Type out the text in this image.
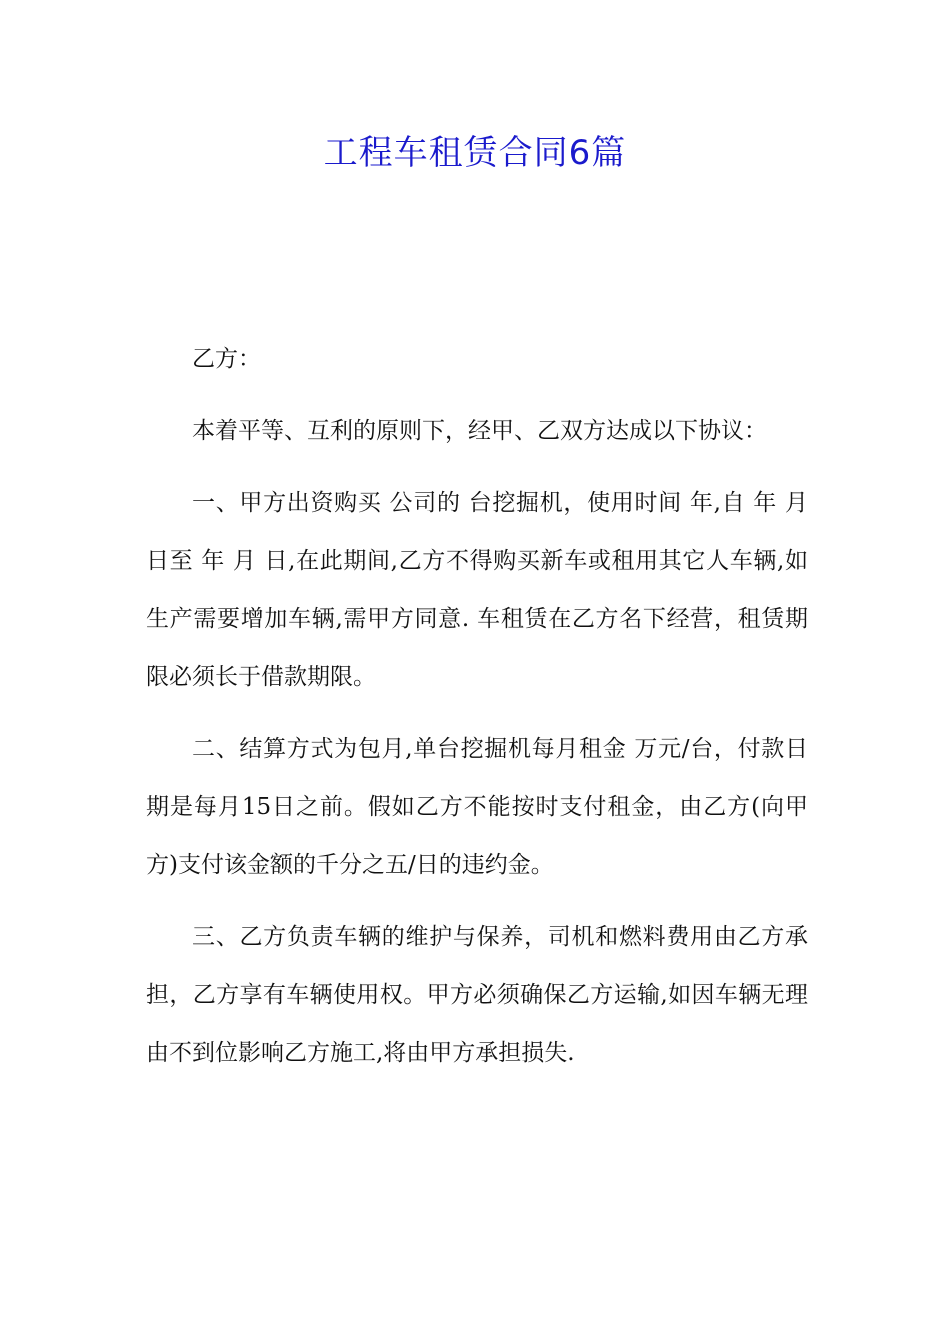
工程车租赁合同6篇

乙方：

本着平等、互利的原则下，经甲、乙双方达成以下协议：

一、甲方出资购买 公司的 台挖掘机，使用时间 年,自 年 月 日至 年 月 日,在此期间,乙方不得购买新车或租用其它人车辆,如生产需要增加车辆,需甲方同意. 车租赁在乙方名下经营，租赁期限必须长于借款期限。

二、结算方式为包月,单台挖掘机每月租金 万元/台，付款日期是每月15日之前。假如乙方不能按时支付租金，由乙方(向甲方)支付该金额的千分之五/日的违约金。

三、乙方负责车辆的维护与保养，司机和燃料费用由乙方承担，乙方享有车辆使用权。甲方必须确保乙方运输,如因车辆无理由不到位影响乙方施工,将由甲方承担损失.
